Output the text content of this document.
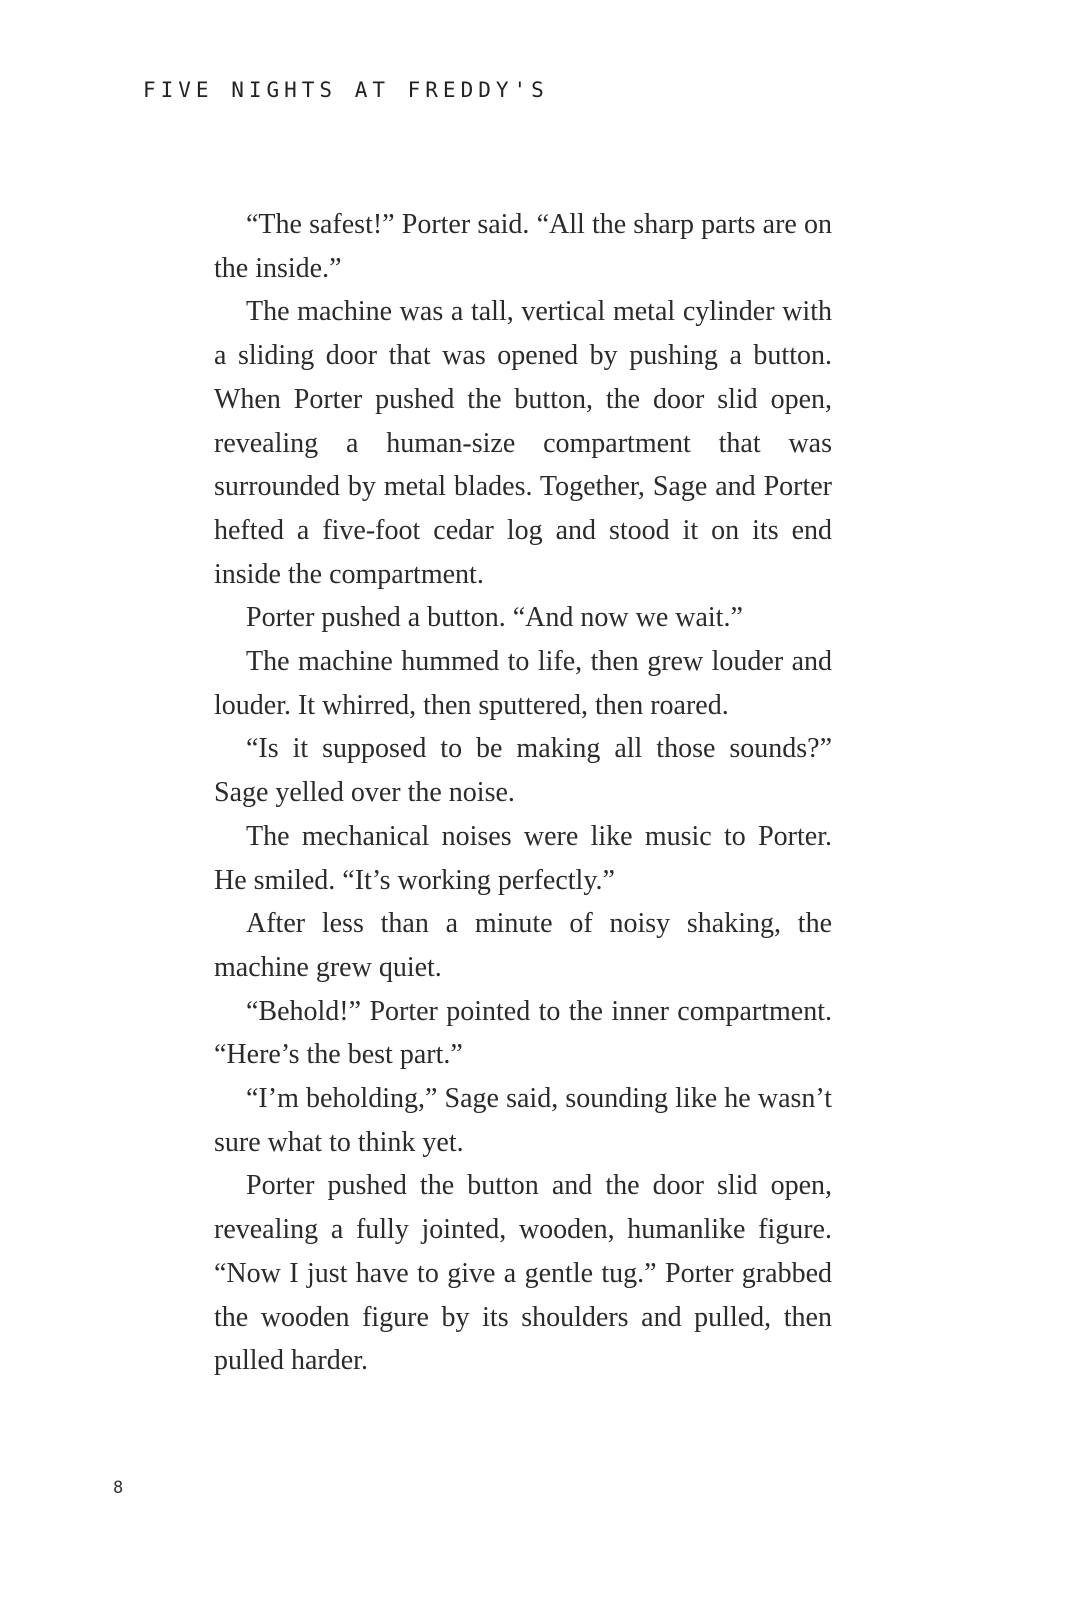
FIVE NIGHTS AT FREDDY'S

“The safest!” Porter said. “All the sharp parts are on the inside.”

The machine was a tall, vertical metal cylinder with a sliding door that was opened by pushing a button. When Porter pushed the button, the door slid open, revealing a human-size compartment that was surrounded by metal blades. Together, Sage and Porter hefted a five-foot cedar log and stood it on its end inside the compartment.

Porter pushed a button. “And now we wait.”

The machine hummed to life, then grew louder and louder. It whirred, then sputtered, then roared.

“Is it supposed to be making all those sounds?” Sage yelled over the noise.

The mechanical noises were like music to Porter. He smiled. “It’s working perfectly.”

After less than a minute of noisy shaking, the machine grew quiet.

“Behold!” Porter pointed to the inner compartment. “Here’s the best part.”

“I’m beholding,” Sage said, sounding like he wasn’t sure what to think yet.

Porter pushed the button and the door slid open, revealing a fully jointed, wooden, humanlike figure. “Now I just have to give a gentle tug.” Porter grabbed the wooden figure by its shoulders and pulled, then pulled harder.

8
